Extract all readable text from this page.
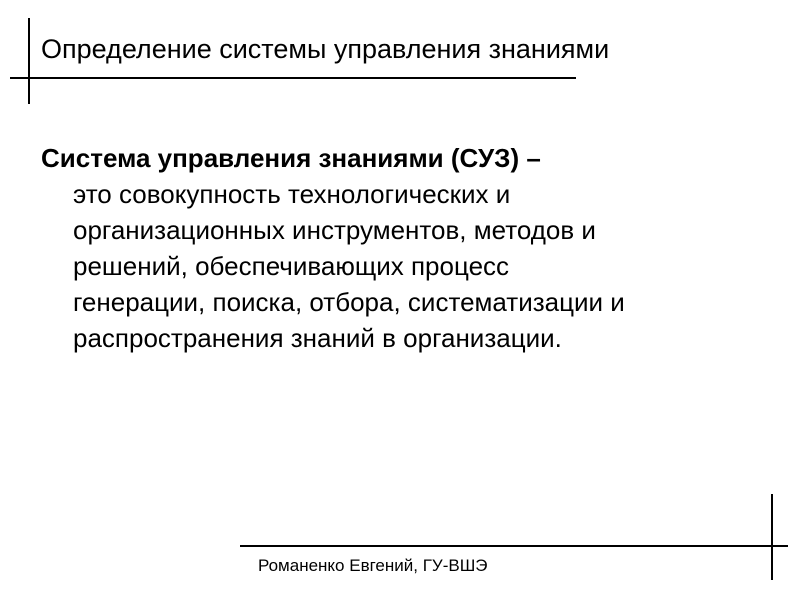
Определение системы управления знаниями
Система управления знаниями (СУЗ) –
это совокупность технологических и
организационных инструментов, методов и
решений, обеспечивающих процесс
генерации, поиска, отбора, систематизации и
распространения знаний в организации.
Романенко Евгений, ГУ-ВШЭ
